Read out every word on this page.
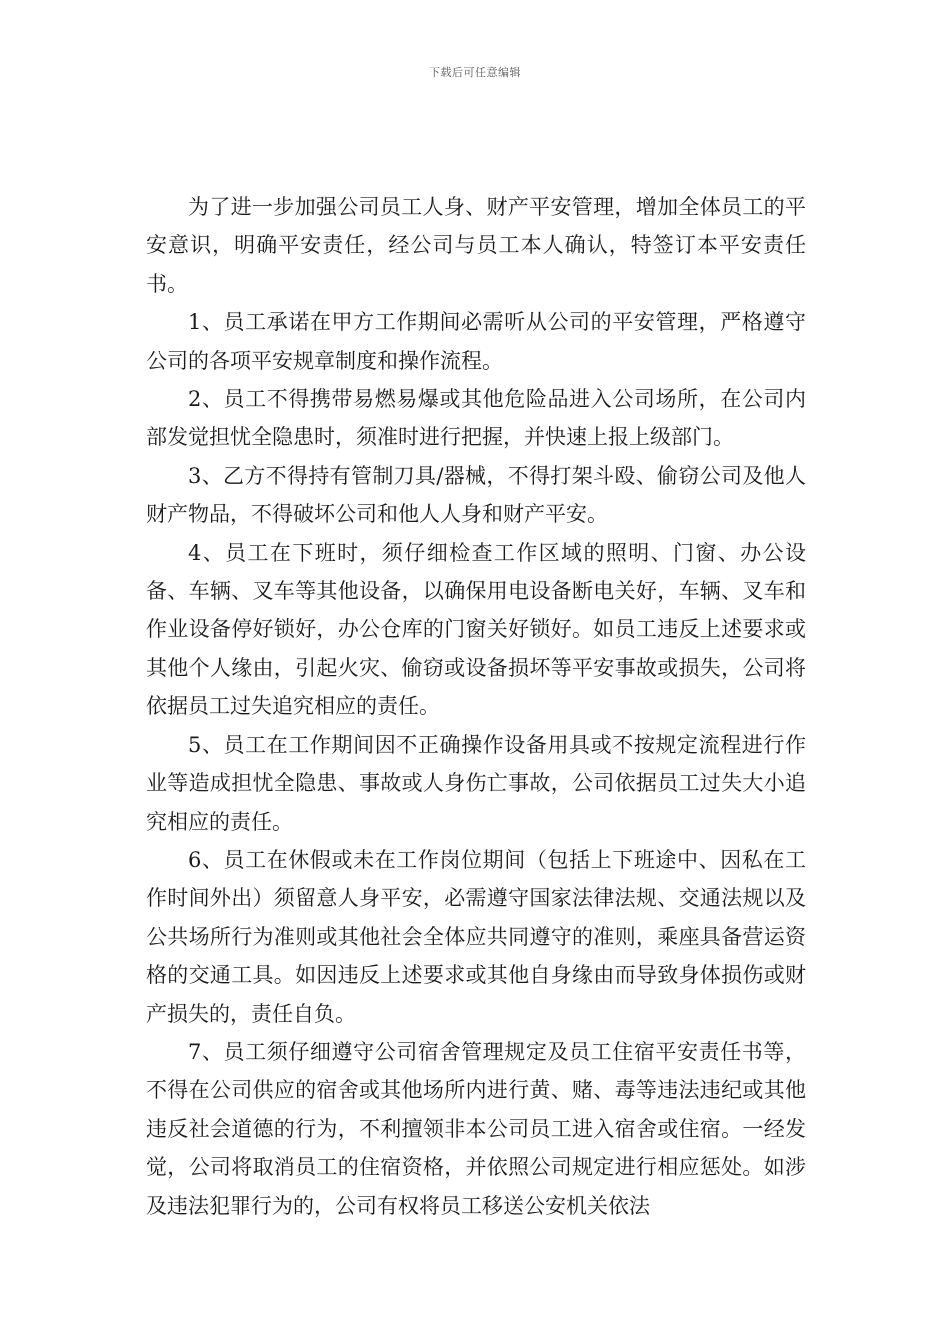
下载后可任意编辑

为了进一步加强公司员工人身、财产平安管理，增加全体员工的平安意识，明确平安责任，经公司与员工本人确认，特签订本平安责任书。

1、员工承诺在甲方工作期间必需听从公司的平安管理，严格遵守公司的各项平安规章制度和操作流程。

2、员工不得携带易燃易爆或其他危险品进入公司场所，在公司内部发觉担忧全隐患时，须准时进行把握，并快速上报上级部门。

3、乙方不得持有管制刀具/器械，不得打架斗殴、偷窃公司及他人财产物品，不得破坏公司和他人人身和财产平安。

4、员工在下班时，须仔细检查工作区域的照明、门窗、办公设备、车辆、叉车等其他设备，以确保用电设备断电关好，车辆、叉车和作业设备停好锁好，办公仓库的门窗关好锁好。如员工违反上述要求或其他个人缘由，引起火灾、偷窃或设备损坏等平安事故或损失，公司将依据员工过失追究相应的责任。

5、员工在工作期间因不正确操作设备用具或不按规定流程进行作业等造成担忧全隐患、事故或人身伤亡事故，公司依据员工过失大小追究相应的责任。

6、员工在休假或未在工作岗位期间（包括上下班途中、因私在工作时间外出）须留意人身平安，必需遵守国家法律法规、交通法规以及公共场所行为准则或其他社会全体应共同遵守的准则，乘座具备营运资格的交通工具。如因违反上述要求或其他自身缘由而导致身体损伤或财产损失的，责任自负。

7、员工须仔细遵守公司宿舍管理规定及员工住宿平安责任书等，不得在公司供应的宿舍或其他场所内进行黄、赌、毒等违法违纪或其他违反社会道德的行为，不利擅领非本公司员工进入宿舍或住宿。一经发觉，公司将取消员工的住宿资格，并依照公司规定进行相应惩处。如涉及违法犯罪行为的，公司有权将员工移送公安机关依法
